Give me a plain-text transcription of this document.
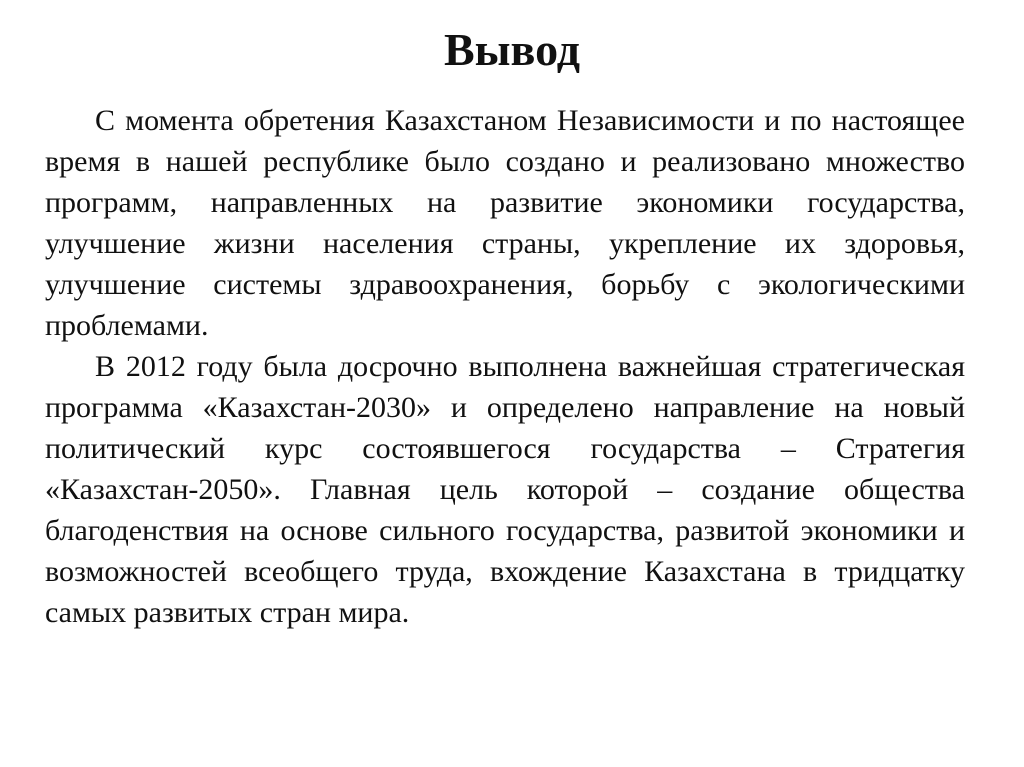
Вывод

С момента обретения Казахстаном Независимости и по настоящее время в нашей республике было создано и реализовано множество программ, направленных на развитие экономики государства, улучшение жизни населения страны, укрепление их здоровья, улучшение системы здравоохранения, борьбу с экологическими проблемами.

В 2012 году была досрочно выполнена важнейшая стратегическая программа «Казахстан-2030» и определено направление на новый политический курс состоявшегося государства – Стратегия «Казахстан-2050». Главная цель которой – создание общества благоденствия на основе сильного государства, развитой экономики и возможностей всеобщего труда, вхождение Казахстана в тридцатку самых развитых стран мира.
